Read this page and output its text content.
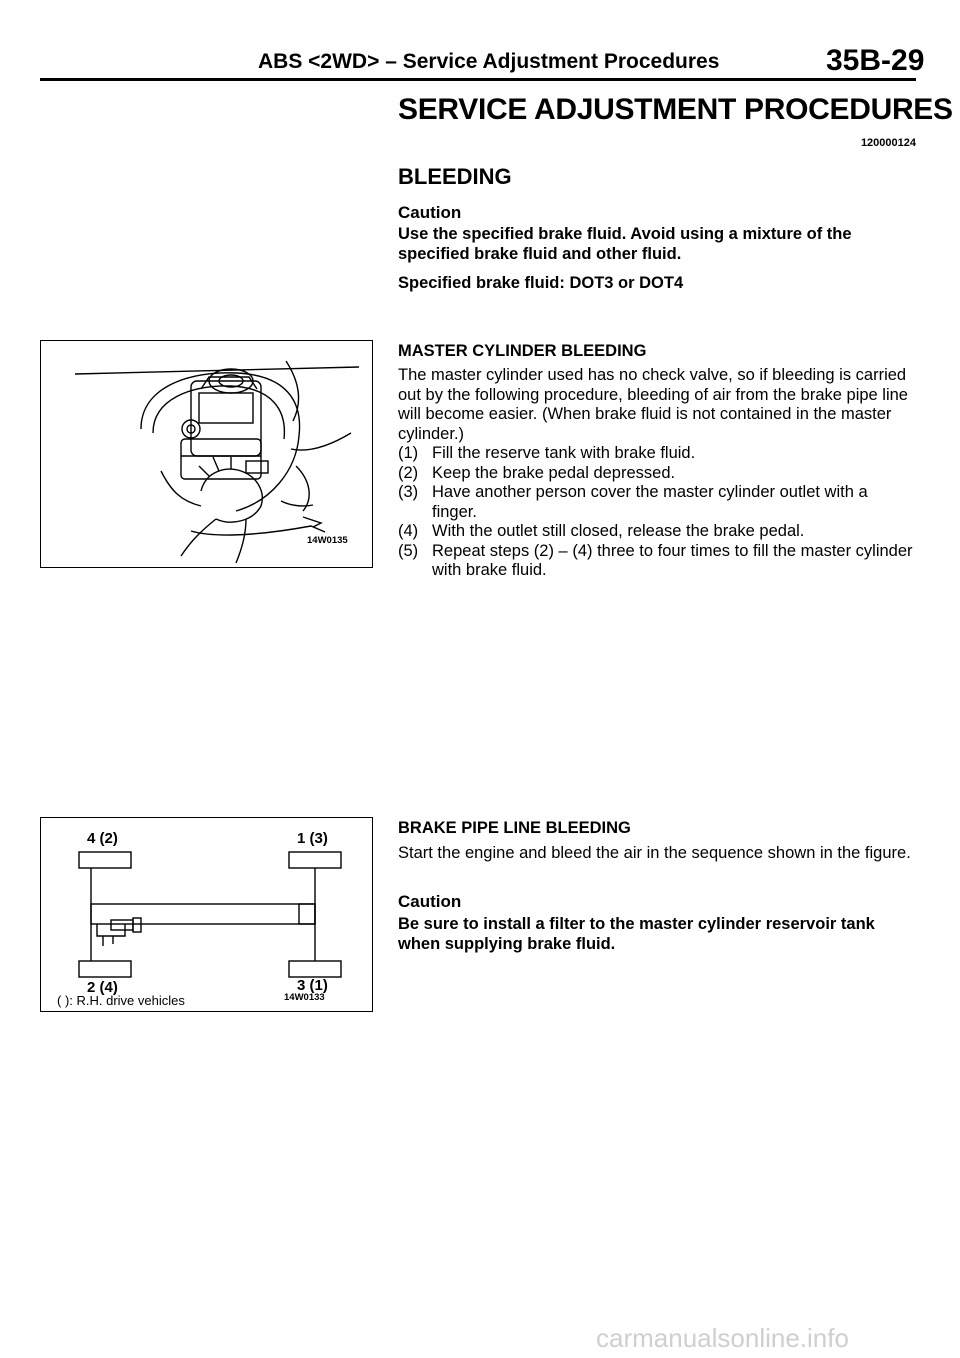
ABS <2WD> – Service Adjustment Procedures	35B-29
SERVICE ADJUSTMENT PROCEDURES
120000124
BLEEDING
Caution
Use the specified brake fluid. Avoid using a mixture of the specified brake fluid and other fluid.
Specified brake fluid: DOT3 or DOT4
MASTER CYLINDER BLEEDING
The master cylinder used has no check valve, so if bleeding is carried out by the following procedure, bleeding of air from the brake pipe line will become easier. (When brake fluid is not contained in the master cylinder.)
(1) Fill the reserve tank with brake fluid.
(2) Keep the brake pedal depressed.
(3) Have another person cover the master cylinder outlet with a finger.
(4) With the outlet still closed, release the brake pedal.
(5) Repeat steps (2) – (4) three to four times to fill the master cylinder with brake fluid.
BRAKE PIPE LINE BLEEDING
Start the engine and bleed the air in the sequence shown in the figure.
Caution
Be sure to install a filter to the master cylinder reservoir tank when supplying brake fluid.
14W0135
4 (2)	1 (3)
2 (4)	3 (1)
14W0133
( ): R.H. drive vehicles
carmanualsonline.info
